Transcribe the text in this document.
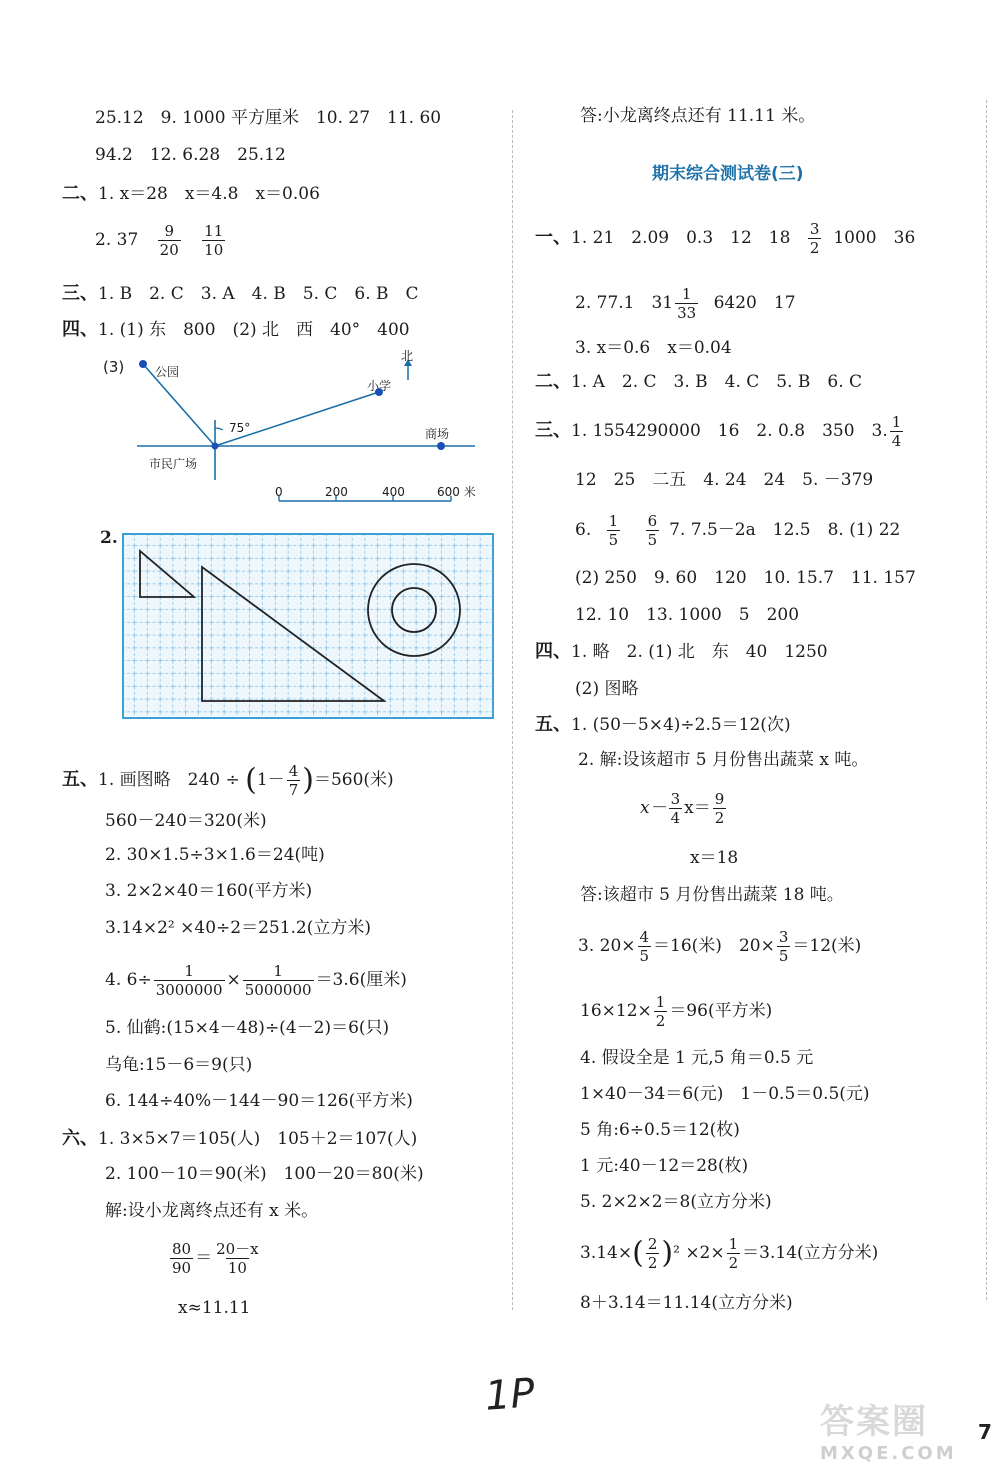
25.12　9. 1000 平方厘米　10. 27　11. 60
94.2　12. 6.28　25.12
二、1. x＝28　x＝4.8　x＝0.06
2. $37 \frac{9}{20}$
$\frac{11}{10}$
三、1. B　2. C　3. A　4. B　5. C　6. B　C
四、1. (1) 东　800　(2) 北　西　40°　400
(3)	公园
75°
北
小学
商场
市民广场
0	200	400	600 米
2.
五、1. 画图略　$240 \div (1- \frac{4}{7} )=560$(米)
560－240＝320(米)
2. 30×1.5÷3×1.6＝24(吨)
3. 2×2×40＝160(平方米)
3.14×2² ×40÷2＝251.2(立方米)
4. $6\div \frac{1}{3000000} \times \frac{1}{5000000} =3.6$(厘米)
5. 仙鹤:(15×4－48)÷(4－2)＝6(只)
乌龟:15－6＝9(只)
6. 144÷40%－144－90＝126(平方米)
六、1. 3×5×7＝105(人)　105＋2＝107(人)
2. 100－10＝90(米)　100－20＝80(米)
解:设小龙离终点还有 x 米。
$\frac{80}{90} = \frac{20-x}{10}$
x≈11.11
答:小龙离终点还有 11.11 米。
期末综合测试卷(三)
一、1. 21　2.09　0.3　12　$18 \frac{3}{2} 1000$　36
2. 77.1　$31 \frac{1}{33} 6420$　17
3. x＝0.6　x＝0.04
二、1. A　2. C　3. B　4. C　5. B　6. C
三、1. 1554290000　16　2. 0.8　350　3. $\frac{1}{4}$
12　25　二五　4. 24　24　5. －379
6. $\frac{1}{5}$
$\frac{6}{5} 7$. 7.5－2a　12.5　8. (1) 22
(2) 250　9. 60　120　10. 15.7　11. 157
12. 10　13. 1000　5　200
四、1. 略　2. (1) 北　东　40　1250
(2) 图略
五、1. (50－5×4)÷2.5＝12(次)
2. 解:设该超市 5 月份售出蔬菜 x 吨。
$x- \frac{3}{4} x= \frac{9}{2}$
x＝18
答:该超市 5 月份售出蔬菜 18 吨。
3. $20\times \frac{4}{5} =16$(米)　$20\times \frac{3}{5} =12$(米)
$16\times 12\times \frac{1}{2} =96$(平方米)
4. 假设全是 1 元,5 角＝0.5 元
1×40－34＝6(元)　1－0.5＝0.5(元)
5 角:6÷0.5＝12(枚)
1 元:40－12＝28(枚)
5. 2×2×2＝8(立方分米)
$3.14\times( \frac{2}{2} )^2 \times 2\times \frac{1}{2} =3.14$(立方分米)
8＋3.14＝11.14(立方分米)
1P
答案圈
MXQE.COM
7
